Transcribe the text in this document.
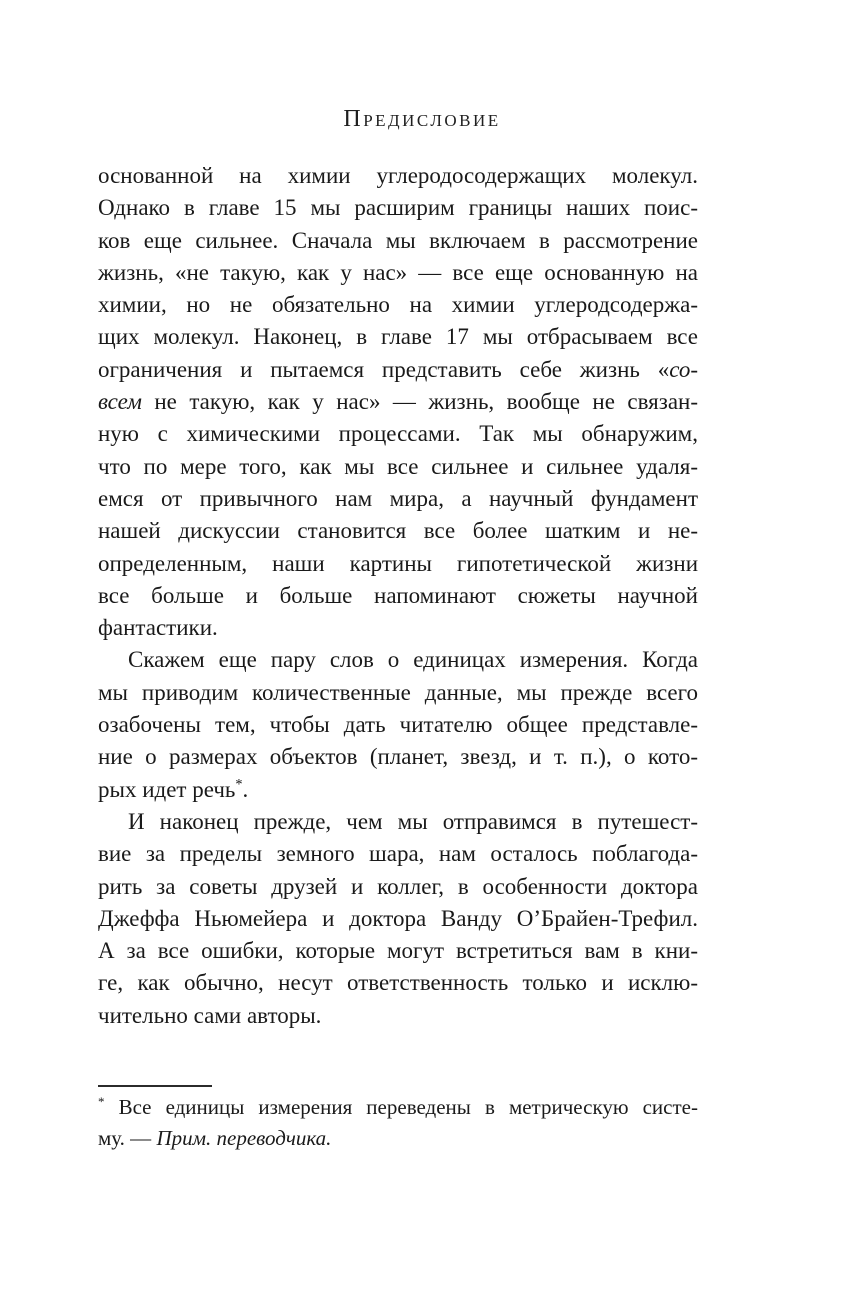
Предисловие
основанной на химии углеродосодержащих молекул.
Однако в главе 15 мы расширим границы наших поис-
ков еще сильнее. Сначала мы включаем в рассмотрение
жизнь, «не такую, как у нас» — все еще основанную на
химии, но не обязательно на химии углеродсодержа-
щих молекул. Наконец, в главе 17 мы отбрасываем все
ограничения и пытаемся представить себе жизнь «со-
всем не такую, как у нас» — жизнь, вообще не связан-
ную с химическими процессами. Так мы обнаружим,
что по мере того, как мы все сильнее и сильнее удаля-
емся от привычного нам мира, а научный фундамент
нашей дискуссии становится все более шатким и не-
определенным, наши картины гипотетической жизни
все больше и больше напоминают сюжеты научной
фантастики.
Скажем еще пару слов о единицах измерения. Когда
мы приводим количественные данные, мы прежде всего
озабочены тем, чтобы дать читателю общее представле-
ние о размерах объектов (планет, звезд, и т. п.), о кото-
рых идет речь*.
И наконец прежде, чем мы отправимся в путешест-
вие за пределы земного шара, нам осталось поблагода-
рить за советы друзей и коллег, в особенности доктора
Джеффа Ньюмейера и доктора Ванду О’Брайен-Трефил.
А за все ошибки, которые могут встретиться вам в кни-
ге, как обычно, несут ответственность только и исклю-
чительно сами авторы.
* Все единицы измерения переведены в метрическую систе-
му. — Прим. переводчика.
